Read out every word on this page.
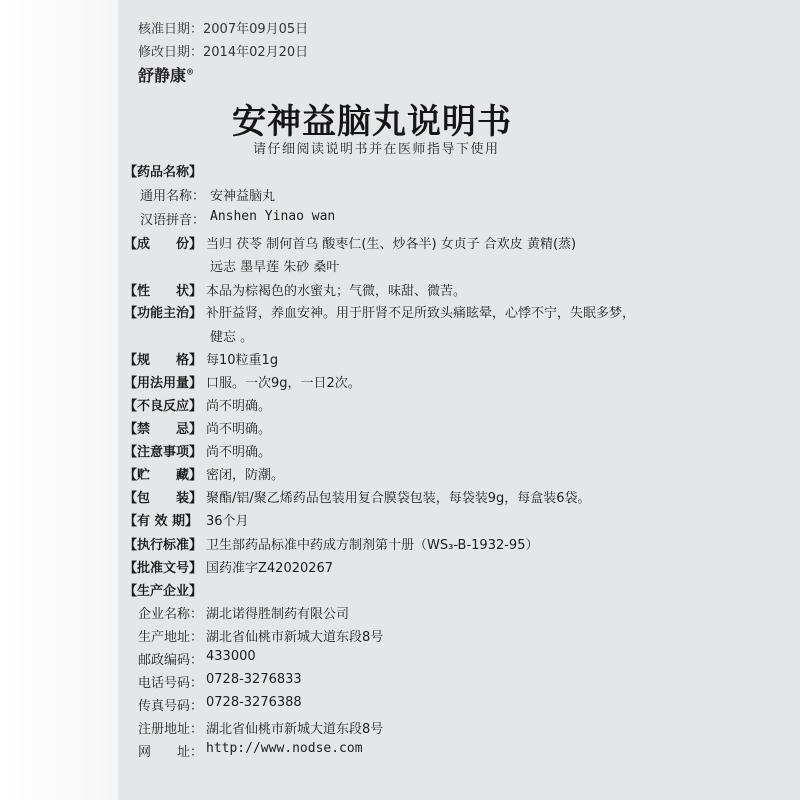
核准日期：2007年09月05日
修改日期：2014年02月20日
舒静康®
安神益脑丸说明书
请仔细阅读说明书并在医师指导下使用
【药品名称】
通用名称： 安神益脑丸
汉语拼音： Anshen Yinao wan
【成　　份】 当归 茯苓 制何首乌 酸枣仁(生、炒各半) 女贞子 合欢皮 黄精(蒸)
远志 墨旱莲 朱砂 桑叶
【性　　状】 本品为棕褐色的水蜜丸；气微，味甜、微苦。
【功能主治】 补肝益肾，养血安神。用于肝肾不足所致头痛眩晕，心悸不宁，失眠多梦，
健忘 。
【规　　格】 每10粒重1g
【用法用量】 口服。一次9g，一日2次。
【不良反应】 尚不明确。
【禁　　忌】 尚不明确。
【注意事项】 尚不明确。
【贮　　藏】 密闭，防潮。
【包　　装】 聚酯/铝/聚乙烯药品包装用复合膜袋包装，每袋装9g，每盒装6袋。
【有 效 期】 36个月
【执行标准】 卫生部药品标准中药成方制剂第十册（WS₃-B-1932-95）
【批准文号】 国药准字Z42020267
【生产企业】
企业名称： 湖北诺得胜制药有限公司
生产地址： 湖北省仙桃市新城大道东段8号
邮政编码： 433000
电话号码： 0728-3276833
传真号码： 0728-3276388
注册地址： 湖北省仙桃市新城大道东段8号
网　　址： http://www.nodse.com
